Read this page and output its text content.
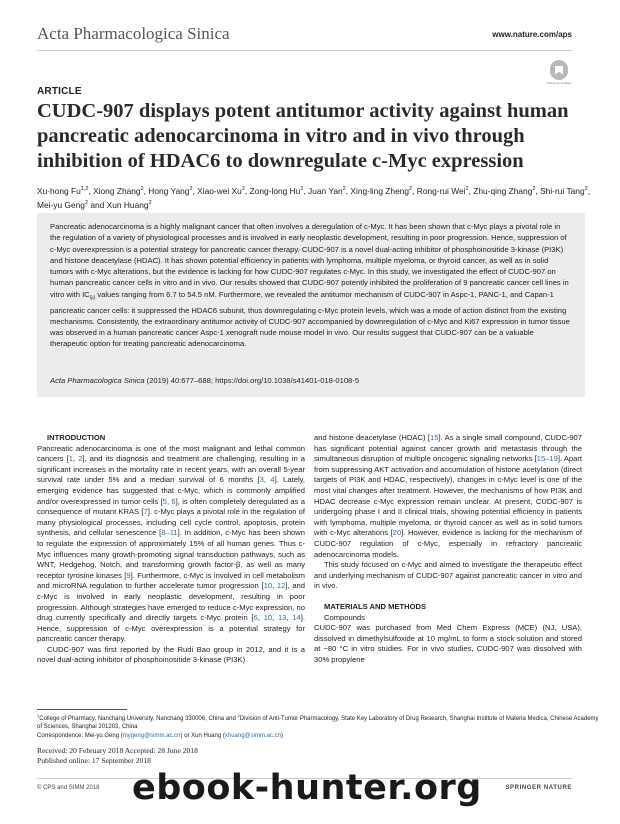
Acta Pharmacologica Sinica	www.nature.com/aps
Check for updates
ARTICLE
CUDC-907 displays potent antitumor activity against human pancreatic adenocarcinoma in vitro and in vivo through inhibition of HDAC6 to downregulate c-Myc expression
Xu-hong Fu$^{1,2}$, Xiong Zhang$^2$, Hong Yang$^2$, Xiao-wei Xu$^2$, Zong-long Hu$^2$, Juan Yan$^2$, Xing-ling Zheng$^2$, Rong-rui Wei$^2$, Zhu-qing Zhang$^2$, Shi-rui Tang$^2$, Mei-yu Geng$^2$ and Xun Huang$^2$
Pancreatic adenocarcinoma is a highly malignant cancer that often involves a deregulation of c-Myc. It has been shown that c-Myc plays a pivotal role in the regulation of a variety of physiological processes and is involved in early neoplastic development, resulting in poor progression. Hence, suppression of c-Myc overexpression is a potential strategy for pancreatic cancer therapy. CUDC-907 is a novel dual-acting inhibitor of phosphoinositide 3-kinase (PI3K) and histone deacetylase (HDAC). It has shown potential efficiency in patients with lymphoma, multiple myeloma, or thyroid cancer, as well as in solid tumors with c-Myc alterations, but the evidence is lacking for how CUDC-907 regulates c-Myc. In this study, we investigated the effect of CUDC-907 on human pancreatic cancer cells in vitro and in vivo. Our results showed that CUDC-907 potently inhibited the proliferation of 9 pancreatic cancer cell lines in vitro with $IC_{50}$ values ranging from 6.7 to 54.5 nM. Furthermore, we revealed the antitumor mechanism of CUDC-907 in Aspc-1, PANC-1, and Capan-1 pancreatic cancer cells: it suppressed the HDAC6 subunit, thus downregulating c-Myc protein levels, which was a mode of action distinct from the existing mechanisms. Consistently, the extraordinary antitumor activity of CUDC-907 accompanied by downregulation of c-Myc and Ki67 expression in tumor tissue was observed in a human pancreatic cancer Aspc-1 xenograft nude mouse model in vivo. Our results suggest that CUDC-907 can be a valuable therapeutic option for treating pancreatic adenocarcinoma.
Acta Pharmacologica Sinica (2019) 40:677–688; https://doi.org/10.1038/s41401-018-0108-5

INTRODUCTION

Pancreatic adenocarcinoma is one of the most malignant and lethal common cancers [1, 2], and its diagnosis and treatment are challenging, resulting in a significant increases in the mortality rate in recent years, with an overall 5-year survival rate under 5% and a median survival of 6 months [3, 4]. Lately, emerging evidence has suggested that c-Myc, which is commonly amplified and/or overexpressed in tumor cells [5, 6], is often completely deregulated as a consequence of mutant KRAS [7]. c-Myc plays a pivotal role in the regulation of many physiological processes, including cell cycle control, apoptosis, protein synthesis, and cellular senescence [8–11]. In addition, c-Myc has been shown to regulate the expression of approximately 15% of all human genes. Thus c-Myc influences many growth-promoting signal transduction pathways, such as WNT, Hedgehog, Notch, and transforming growth factor-β, as well as many receptor tyrosine kinases [9]. Furthermore, c-Myc is involved in cell metabolism and microRNA regulation to further accelerate tumor progression [10, 12], and c-Myc is involved in early neoplastic development, resulting in poor progression. Although strategies have emerged to reduce c-Myc expression, no drug currently specifically and directly targets c-Myc protein [6, 10, 13, 14]. Hence, suppression of c-Myc overexpression is a potential strategy for pancreatic cancer therapy.

CUDC-907 was first reported by the Rudi Bao group in 2012, and it is a novel dual-acting inhibitor of phosphoinositide 3-kinase (PI3K)

and histone deacetylase (HDAC) [15]. As a single small compound, CUDC-907 has significant potential against cancer growth and metastasis through the simultaneous disruption of multiple oncogenic signaling networks [15–19]. Apart from suppressing AKT activation and accumulation of histone acetylation (direct targets of PI3K and HDAC, respectively), changes in c-Myc level is one of the most vital changes after treatment. However, the mechanisms of how PI3K and HDAC decrease c-Myc expression remain unclear. At present, CUDC-907 is undergoing phase I and II clinical trials, showing potential efficiency in patients with lymphoma, multiple myeloma, or thyroid cancer as well as in solid tumors with c-Myc alterations [20]. However, evidence is lacking for the mechanism of CUDC-907 regulation of c-Myc, especially in refractory pancreatic adenocarcinoma models.

This study focused on c-Myc and aimed to investigate the therapeutic effect and underlying mechanism of CUDC-907 against pancreatic cancer in vitro and in vivo.

MATERIALS AND METHODS

Compounds

CUDC-907 was purchased from Med Chem Express (MCE) (NJ, USA), dissolved in dimethylsulfoxide at 10 mg/mL to form a stock solution and stored at −80 °C in vitro studies. For in vivo studies, CUDC-907 was dissolved with 30% propylene

$^1$College of Pharmacy, Nanchang University, Nanchang 330006, China and $^2$Division of Anti-Tumor Pharmacology, State Key Laboratory of Drug Research, Shanghai Institute of Materia Medica, Chinese Academy of Sciences, Shanghai 201203, China
Correspondence: Mei-yu Geng (mygeng@simm.ac.cn) or Xun Huang (xhuang@simm.ac.cn)
Received: 20 February 2018 Accepted: 28 June 2018
Published online: 17 September 2018
© CPS and SIMM 2018	SPRINGER NATURE
ebook-hunter.org
